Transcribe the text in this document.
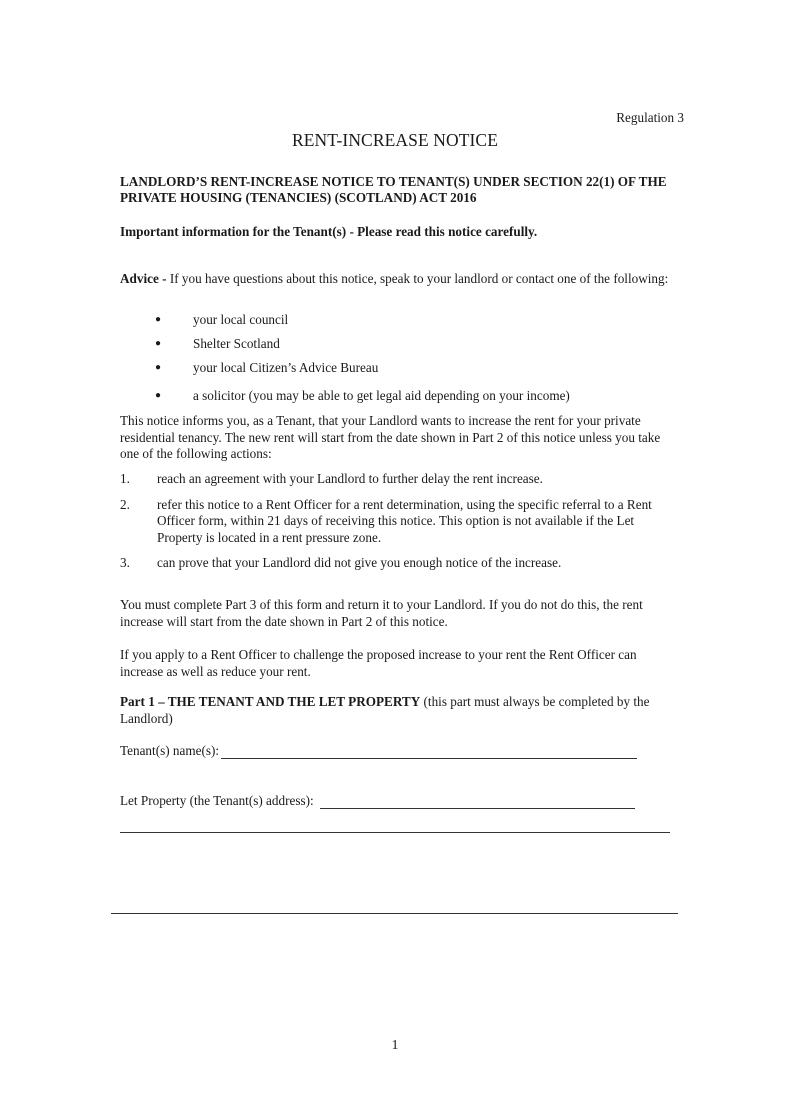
Regulation 3
RENT-INCREASE NOTICE
LANDLORD’S RENT-INCREASE NOTICE TO TENANT(S) UNDER SECTION 22(1) OF THE PRIVATE HOUSING (TENANCIES) (SCOTLAND) ACT 2016
Important information for the Tenant(s) - Please read this notice carefully.
Advice - If you have questions about this notice, speak to your landlord or contact one of the following:
●	your local council
●	Shelter Scotland
●	your local Citizen’s Advice Bureau
●	a solicitor (you may be able to get legal aid depending on your income)
This notice informs you, as a Tenant, that your Landlord wants to increase the rent for your private residential tenancy. The new rent will start from the date shown in Part 2 of this notice unless you take one of the following actions:
1.	reach an agreement with your Landlord to further delay the rent increase.
2.	refer this notice to a Rent Officer for a rent determination, using the specific referral to a Rent Officer form, within 21 days of receiving this notice. This option is not available if the Let Property is located in a rent pressure zone.
3.	can prove that your Landlord did not give you enough notice of the increase.
You must complete Part 3 of this form and return it to your Landlord. If you do not do this, the rent increase will start from the date shown in Part 2 of this notice.
If you apply to a Rent Officer to challenge the proposed increase to your rent the Rent Officer can increase as well as reduce your rent.
Part 1 – THE TENANT AND THE LET PROPERTY (this part must always be completed by the Landlord)
Tenant(s) name(s):
Let Property (the Tenant(s) address):
1
